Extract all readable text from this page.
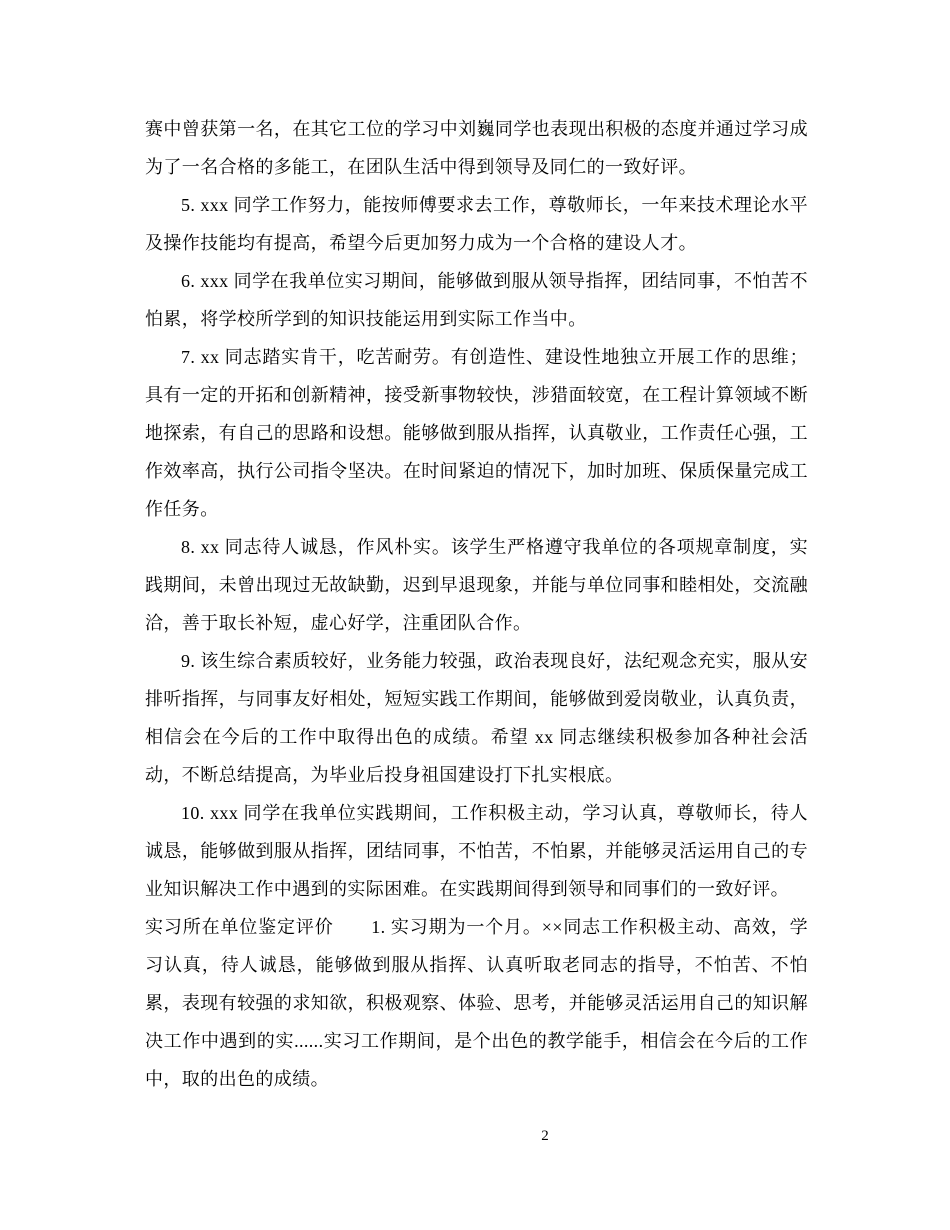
赛中曾获第一名，在其它工位的学习中刘巍同学也表现出积极的态度并通过学习成为了一名合格的多能工，在团队生活中得到领导及同仁的一致好评。

5. xxx 同学工作努力，能按师傅要求去工作，尊敬师长，一年来技术理论水平及操作技能均有提高，希望今后更加努力成为一个合格的建设人才。

6. xxx 同学在我单位实习期间，能够做到服从领导指挥，团结同事，不怕苦不怕累，将学校所学到的知识技能运用到实际工作当中。

7. xx 同志踏实肯干，吃苦耐劳。有创造性、建设性地独立开展工作的思维；具有一定的开拓和创新精神，接受新事物较快，涉猎面较宽，在工程计算领域不断地探索，有自己的思路和设想。能够做到服从指挥，认真敬业，工作责任心强，工作效率高，执行公司指令坚决。在时间紧迫的情况下，加时加班、保质保量完成工作任务。

8. xx 同志待人诚恳，作风朴实。该学生严格遵守我单位的各项规章制度，实践期间，未曾出现过无故缺勤，迟到早退现象，并能与单位同事和睦相处，交流融洽，善于取长补短，虚心好学，注重团队合作。

9. 该生综合素质较好，业务能力较强，政治表现良好，法纪观念充实，服从安排听指挥，与同事友好相处，短短实践工作期间，能够做到爱岗敬业，认真负责，相信会在今后的工作中取得出色的成绩。希望 xx 同志继续积极参加各种社会活动，不断总结提高，为毕业后投身祖国建设打下扎实根底。

10. xxx 同学在我单位实践期间，工作积极主动，学习认真，尊敬师长，待人诚恳，能够做到服从指挥，团结同事，不怕苦，不怕累，并能够灵活运用自己的专业知识解决工作中遇到的实际困难。在实践期间得到领导和同事们的一致好评。

实习所在单位鉴定评价　　1. 实习期为一个月。××同志工作积极主动、高效，学习认真，待人诚恳，能够做到服从指挥、认真听取老同志的指导，不怕苦、不怕累，表现有较强的求知欲，积极观察、体验、思考，并能够灵活运用自己的知识解决工作中遇到的实......实习工作期间，是个出色的教学能手，相信会在今后的工作中，取的出色的成绩。

2
